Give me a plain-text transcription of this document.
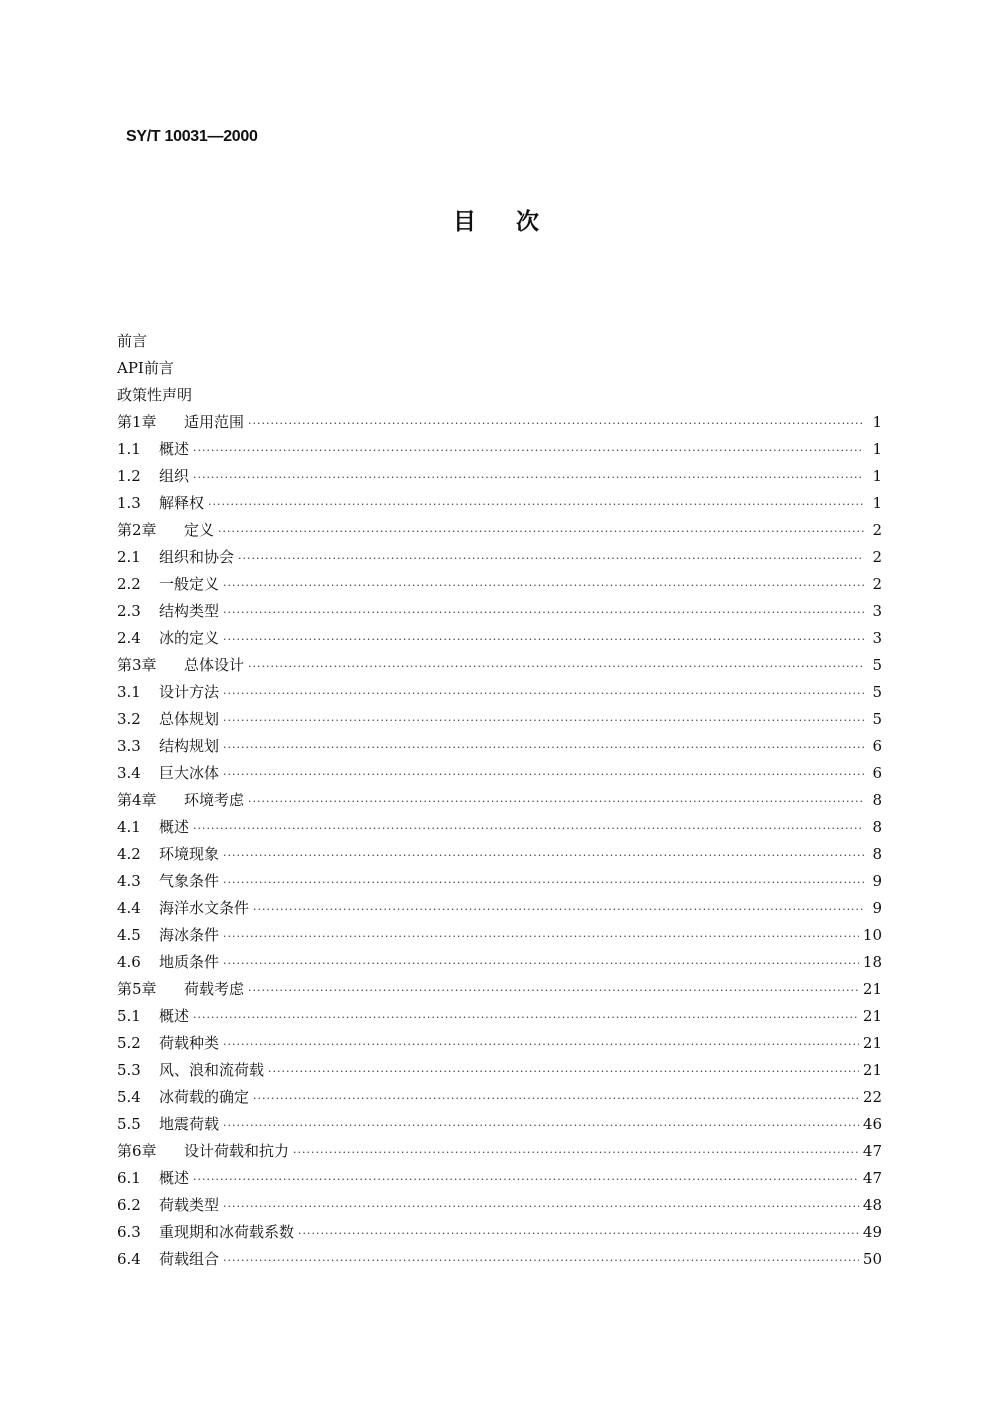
SY/T 10031—2000
目次
前言
API前言
政策性声明
第1章	适用范围 ·····	1
1.1	概述 ·····	1
1.2	组织 ·····	1
1.3	解释权 ·····	1
第2章	定义 ·····	2
2.1	组织和协会 ·····	2
2.2	一般定义 ·····	2
2.3	结构类型 ·····	3
2.4	冰的定义 ·····	3
第3章	总体设计 ·····	5
3.1	设计方法 ·····	5
3.2	总体规划 ·····	5
3.3	结构规划 ·····	6
3.4	巨大冰体 ·····	6
第4章	环境考虑 ·····	8
4.1	概述 ·····	8
4.2	环境现象 ·····	8
4.3	气象条件 ·····	9
4.4	海洋水文条件 ·····	9
4.5	海冰条件 ·····	10
4.6	地质条件 ·····	18
第5章	荷载考虑 ·····	21
5.1	概述 ·····	21
5.2	荷载种类 ·····	21
5.3	风、浪和流荷载 ·····	21
5.4	冰荷载的确定 ·····	22
5.5	地震荷载 ·····	46
第6章	设计荷载和抗力 ·····	47
6.1	概述 ·····	47
6.2	荷载类型 ·····	48
6.3	重现期和冰荷载系数 ·····	49
6.4	荷载组合 ·····	50
